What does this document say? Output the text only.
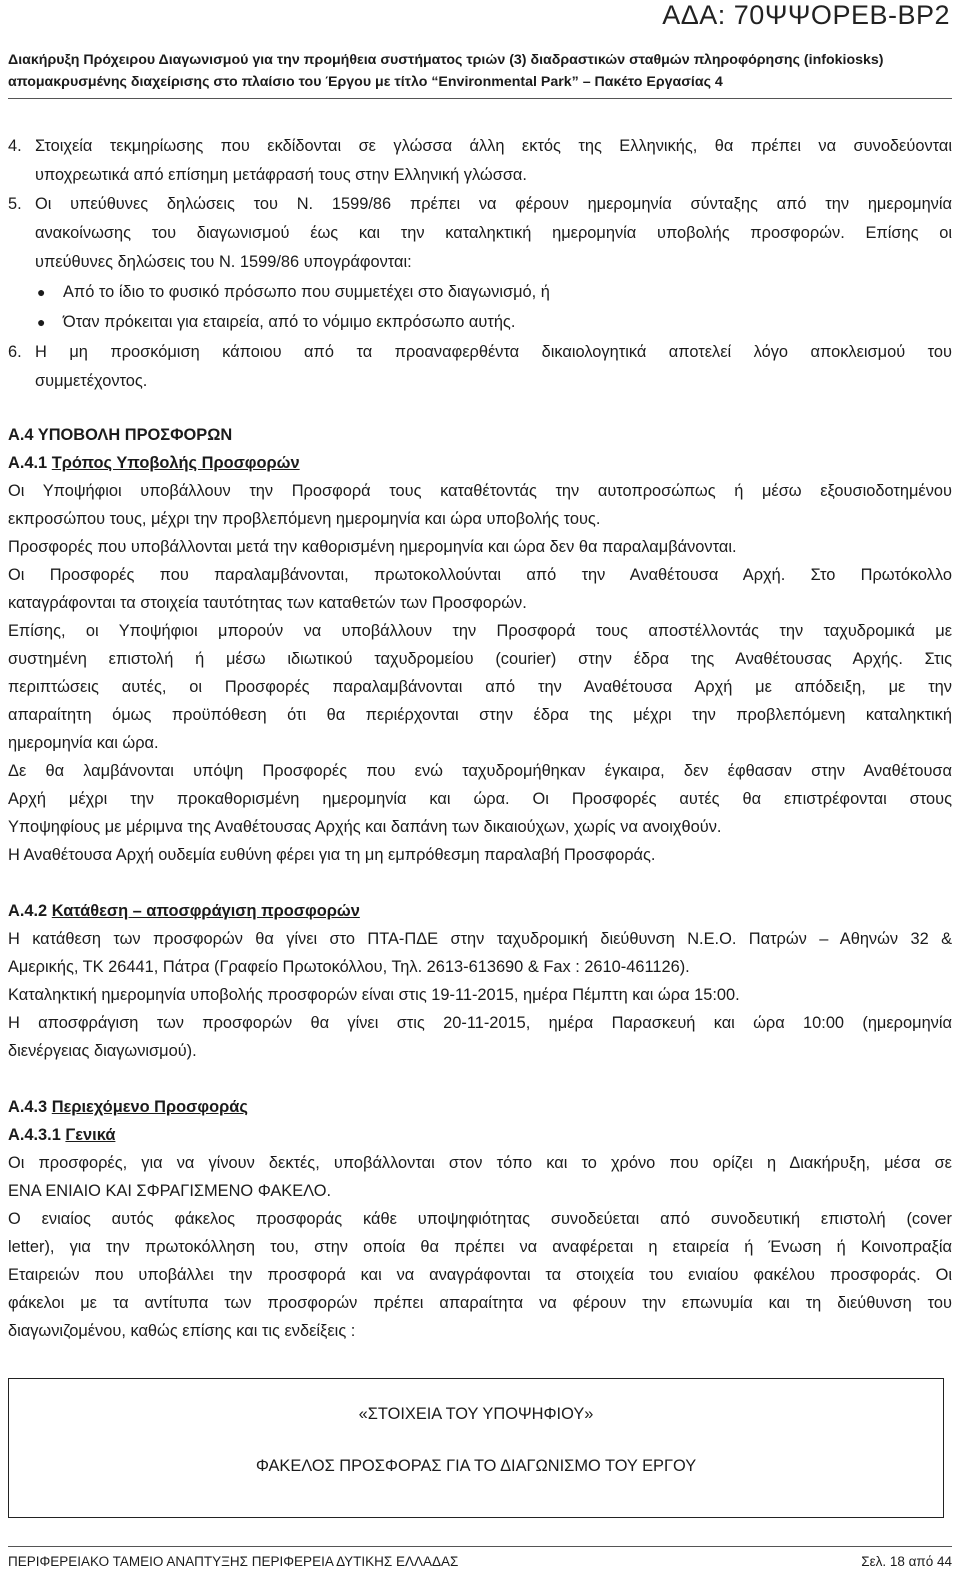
ΑΔΑ: 70ΨΨΟΡΕΒ-ΒΡ2
Διακήρυξη Πρόχειρου Διαγωνισμού για την προμήθεια συστήματος τριών (3) διαδραστικών σταθμών πληροφόρησης (infokiosks)
απομακρυσμένης διαχείρισης στο πλαίσιο του Έργου με τίτλο “Environmental Park” – Πακέτο Εργασίας 4
4. Στοιχεία τεκμηρίωσης που εκδίδονται σε γλώσσα άλλη εκτός της Ελληνικής, θα πρέπει να συνοδεύονται
υποχρεωτικά από επίσημη μετάφρασή τους στην Ελληνική γλώσσα.
5. Οι υπεύθυνες δηλώσεις του Ν. 1599/86 πρέπει να φέρουν ημερομηνία σύνταξης από την ημερομηνία
ανακοίνωσης του διαγωνισμού έως και την καταληκτική ημερομηνία υποβολής προσφορών. Επίσης οι
υπεύθυνες δηλώσεις του Ν. 1599/86 υπογράφονται:
● Από το ίδιο το φυσικό πρόσωπο που συμμετέχει στο διαγωνισμό, ή
● Όταν πρόκειται για εταιρεία, από το νόμιμο εκπρόσωπο αυτής.
6. Η μη προσκόμιση κάποιου από τα προαναφερθέντα δικαιολογητικά αποτελεί λόγο αποκλεισμού του
συμμετέχοντος.
Α.4 ΥΠΟΒΟΛΗ ΠΡΟΣΦΟΡΩΝ
Α.4.1 Τρόπος Υποβολής Προσφορών
Οι Υποψήφιοι υποβάλλουν την Προσφορά τους καταθέτοντάς την αυτοπροσώπως ή μέσω εξουσιοδοτημένου
εκπροσώπου τους, μέχρι την προβλεπόμενη ημερομηνία και ώρα υποβολής τους.
Προσφορές που υποβάλλονται μετά την καθορισμένη ημερομηνία και ώρα δεν θα παραλαμβάνονται.
Οι Προσφορές που παραλαμβάνονται, πρωτοκολλούνται από την Αναθέτουσα Αρχή. Στο Πρωτόκολλο
καταγράφονται τα στοιχεία ταυτότητας των καταθετών των Προσφορών.
Επίσης, οι Υποψήφιοι μπορούν να υποβάλλουν την Προσφορά τους αποστέλλοντάς την ταχυδρομικά με
συστημένη επιστολή ή μέσω ιδιωτικού ταχυδρομείου (courier) στην έδρα της Αναθέτουσας Αρχής. Στις
περιπτώσεις αυτές, οι Προσφορές παραλαμβάνονται από την Αναθέτουσα Αρχή με απόδειξη, με την
απαραίτητη όμως προϋπόθεση ότι θα περιέρχονται στην έδρα της μέχρι την προβλεπόμενη καταληκτική
ημερομηνία και ώρα.
Δε θα λαμβάνονται υπόψη Προσφορές που ενώ ταχυδρομήθηκαν έγκαιρα, δεν έφθασαν στην Αναθέτουσα
Αρχή μέχρι την προκαθορισμένη ημερομηνία και ώρα. Οι Προσφορές αυτές θα επιστρέφονται στους
Υποψηφίους με μέριμνα της Αναθέτουσας Αρχής και δαπάνη των δικαιούχων, χωρίς να ανοιχθούν.
Η Αναθέτουσα Αρχή ουδεμία ευθύνη φέρει για τη μη εμπρόθεσμη παραλαβή Προσφοράς.
Α.4.2 Κατάθεση – αποσφράγιση προσφορών
Η κατάθεση των προσφορών θα γίνει στο ΠΤΑ-ΠΔΕ στην ταχυδρομική διεύθυνση Ν.Ε.Ο. Πατρών – Αθηνών 32 &
Αμερικής, ΤΚ 26441, Πάτρα (Γραφείο Πρωτοκόλλου, Τηλ. 2613-613690 & Fax : 2610-461126).
Καταληκτική ημερομηνία υποβολής προσφορών είναι στις 19-11-2015, ημέρα Πέμπτη και ώρα 15:00.
Η αποσφράγιση των προσφορών θα γίνει στις 20-11-2015, ημέρα Παρασκευή και ώρα 10:00 (ημερομηνία
διενέργειας διαγωνισμού).
Α.4.3 Περιεχόμενο Προσφοράς
Α.4.3.1 Γενικά
Οι προσφορές, για να γίνουν δεκτές, υποβάλλονται στον τόπο και το χρόνο που ορίζει η Διακήρυξη, μέσα σε
ΕΝΑ ΕΝΙΑΙΟ ΚΑΙ ΣΦΡΑΓΙΣΜΕΝΟ ΦΑΚΕΛΟ.
Ο ενιαίος αυτός φάκελος προσφοράς κάθε υποψηφιότητας συνοδεύεται από συνοδευτική επιστολή (cover
letter), για την πρωτοκόλληση του, στην οποία θα πρέπει να αναφέρεται η εταιρεία ή Ένωση ή Κοινοπραξία
Εταιρειών που υποβάλλει την προσφορά και να αναγράφονται τα στοιχεία του ενιαίου φακέλου προσφοράς. Οι
φάκελοι με τα αντίτυπα των προσφορών πρέπει απαραίτητα να φέρουν την επωνυμία και τη διεύθυνση του
διαγωνιζομένου, καθώς επίσης και τις ενδείξεις :
«ΣΤΟΙΧΕΙΑ ΤΟΥ ΥΠΟΨΗΦΙΟΥ»
ΦΑΚΕΛΟΣ ΠΡΟΣΦΟΡΑΣ ΓΙΑ ΤΟ ΔΙΑΓΩΝΙΣΜΟ ΤΟΥ ΕΡΓΟΥ
ΠΕΡΙΦΕΡΕΙΑΚΟ ΤΑΜΕΙΟ ΑΝΑΠΤΥΞΗΣ ΠΕΡΙΦΕΡΕΙΑ ΔΥΤΙΚΗΣ ΕΛΛΑΔΑΣ	Σελ. 18 από 44
